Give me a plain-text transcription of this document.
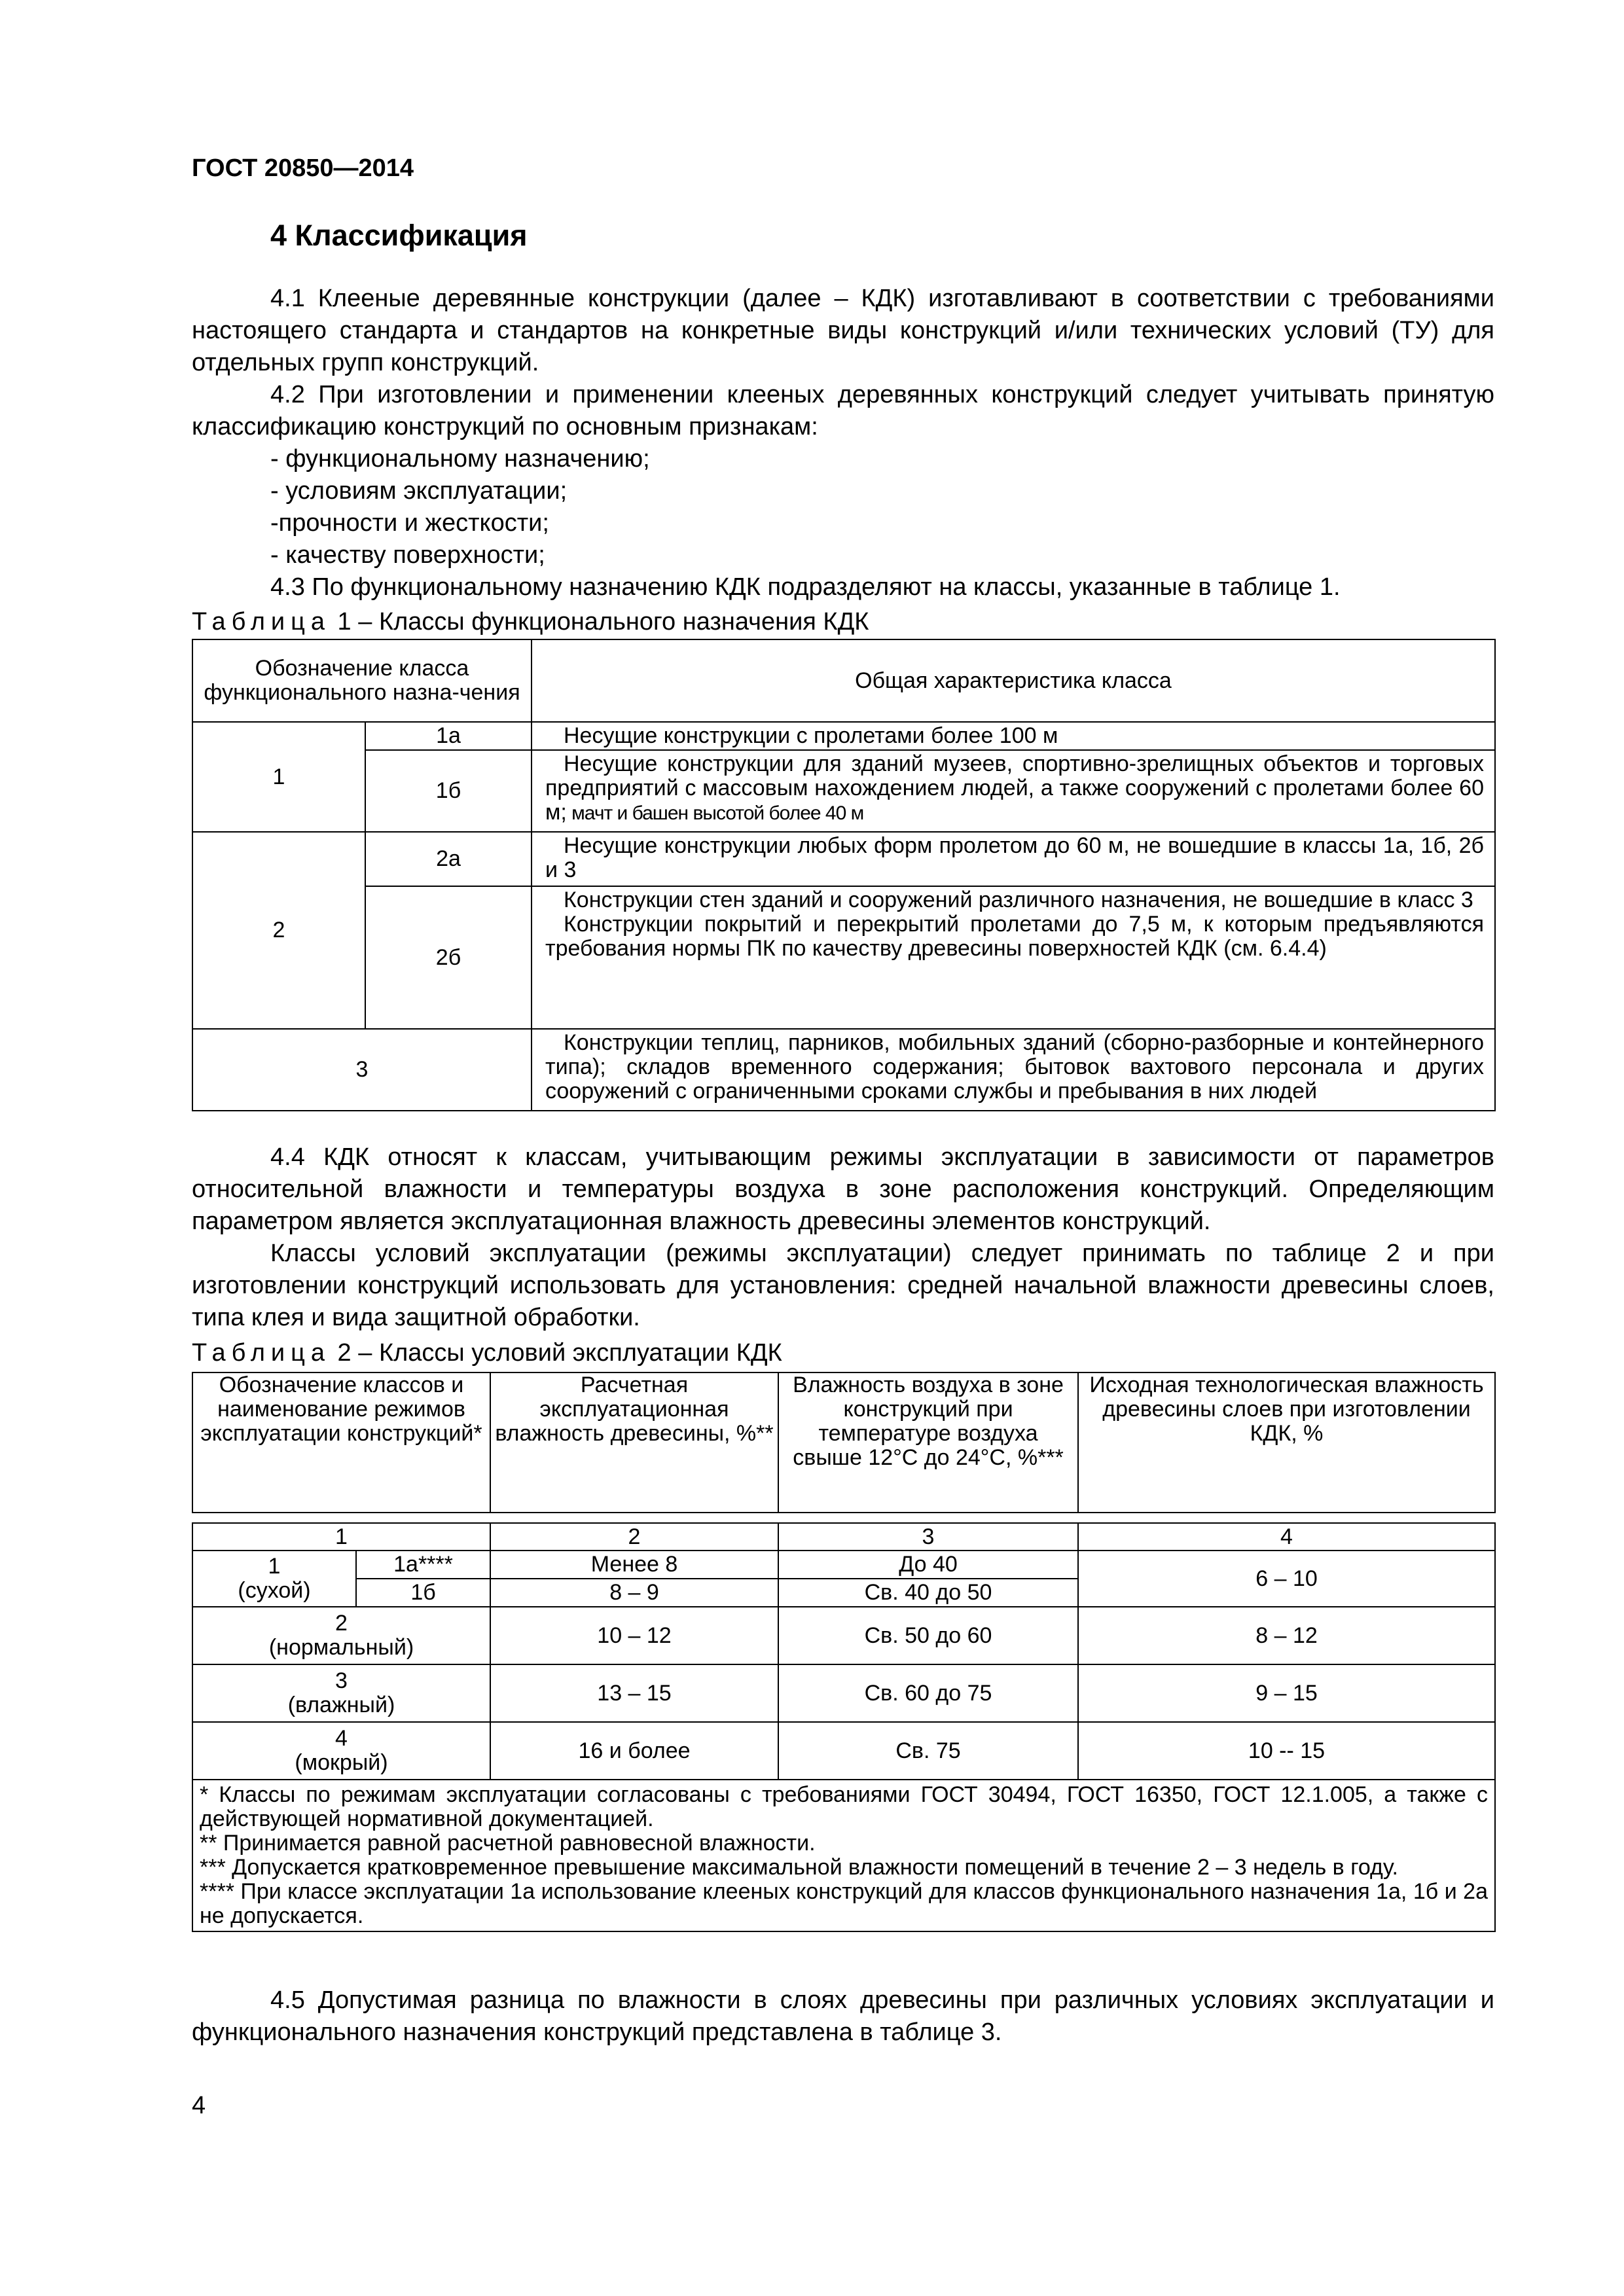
ГОСТ 20850—2014
4 Классификация

4.1 Клееные деревянные конструкции (далее – КДК) изготавливают в соответствии с требованиями настоящего стандарта и стандартов на конкретные виды конструкций и/или технических условий (ТУ) для отдельных групп конструкций.

4.2 При изготовлении и применении клееных деревянных конструкций следует учитывать принятую классификацию конструкций по основным признакам:

- функциональному назначению;
- условиям эксплуатации;
-прочности и жесткости;
- качеству поверхности;

4.3 По функциональному назначению КДК подразделяют на классы, указанные в таблице 1.

Таблица 1 – Классы функционального назначения КДК
Обозначение класса функционального назна-чения		Общая характеристика класса
1	1а	Несущие конструкции с пролетами более 100 м
	1б	Несущие конструкции для зданий музеев, спортивно-зрелищных объектов и торговых предприятий с массовым нахождением людей, а также сооружений с пролетами более 60 м; мачт и башен высотой более 40 м
2	2а	Несущие конструкции любых форм пролетом до 60 м, не вошедшие в классы 1а, 1б, 2б и 3
	2б	Конструкции стен зданий и сооружений различного назначения, не вошедшие в класс 3

Конструкции покрытий и перекрытий пролетами до 7,5 м, к которым предъявляются требования нормы ПК по качеству древесины поверхностей КДК (см. 6.4.4)

3		Конструкции теплиц, парников, мобильных зданий (сборно-разборные и контейнерного типа); складов временного содержания; бытовок вахтового персонала и других сооружений с ограниченными сроками службы и пребывания в них людей

4.4 КДК относят к классам, учитывающим режимы эксплуатации в зависимости от параметров относительной влажности и температуры воздуха в зоне расположения конструкций. Определяющим параметром является эксплуатационная влажность древесины элементов конструкций.

Классы условий эксплуатации (режимы эксплуатации) следует принимать по таблице 2 и при изготовлении конструкций использовать для установления: средней начальной влажности древесины слоев, типа клея и вида защитной обработки.

Таблица 2 – Классы условий эксплуатации КДК
Обозначение классов и наименование режимов эксплуатации конструкций*		Расчетная эксплуатационная влажность древесины, %**	Влажность воздуха в зоне конструкций при температуре воздуха свыше 12°С до 24°С, %***	Исходная технологическая влажность древесины слоев при изготовлении КДК, %

1		2	3	4

1
(сухой)	1а****	Менее 8	До 40	6 – 10
	1б	8 – 9	Св. 40 до 50	

2
(нормальный)		10 – 12	Св. 50 до 60	8 – 12

3
(влажный)		13 – 15	Св. 60 до 75	9 – 15

4
(мокрый)		16 и более	Св. 75	10 -- 15

* Классы по режимам эксплуатации согласованы с требованиями ГОСТ 30494, ГОСТ 16350, ГОСТ 12.1.005, а также с действующей нормативной документацией.
** Принимается равной расчетной равновесной влажности.
*** Допускается кратковременное превышение максимальной влажности помещений в течение 2 – 3 недель в году.
**** При классе эксплуатации 1а использование клееных конструкций для классов функционального назначения 1а, 1б и 2а не допускается.				

4.5 Допустимая разница по влажности в слоях древесины при различных условиях эксплуатации и функционального назначения конструкций представлена в таблице 3.

4
